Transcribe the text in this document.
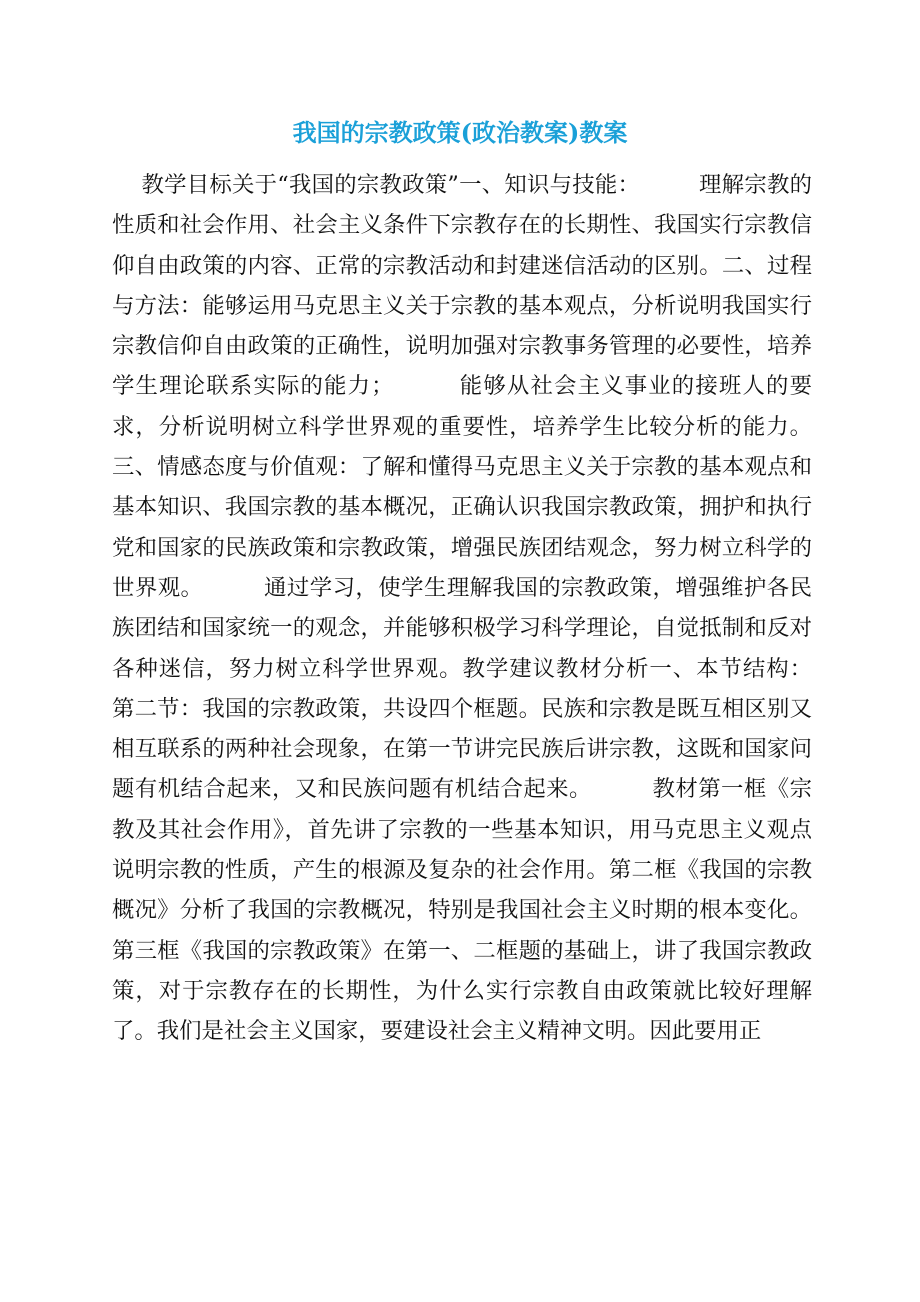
我国的宗教政策(政治教案)教案

教学目标关于“我国的宗教政策”一、知识与技能：        理解宗教的性质和社会作用、社会主义条件下宗教存在的长期性、我国实行宗教信仰自由政策的内容、正常的宗教活动和封建迷信活动的区别。二、过程与方法：能够运用马克思主义关于宗教的基本观点，分析说明我国实行宗教信仰自由政策的正确性，说明加强对宗教事务管理的必要性，培养学生理论联系实际的能力；        能够从社会主义事业的接班人的要求，分析说明树立科学世界观的重要性，培养学生比较分析的能力。三、情感态度与价值观：了解和懂得马克思主义关于宗教的基本观点和基本知识、我国宗教的基本概况，正确认识我国宗教政策，拥护和执行党和国家的民族政策和宗教政策，增强民族团结观念，努力树立科学的世界观。        通过学习，使学生理解我国的宗教政策，增强维护各民族团结和国家统一的观念，并能够积极学习科学理论，自觉抵制和反对各种迷信，努力树立科学世界观。教学建议教材分析一、本节结构：        第二节：我国的宗教政策，共设四个框题。民族和宗教是既互相区别又相互联系的两种社会现象，在第一节讲完民族后讲宗教，这既和国家问题有机结合起来，又和民族问题有机结合起来。        教材第一框《宗教及其社会作用》，首先讲了宗教的一些基本知识，用马克思主义观点说明宗教的性质，产生的根源及复杂的社会作用。第二框《我国的宗教概况》分析了我国的宗教概况，特别是我国社会主义时期的根本变化。第三框《我国的宗教政策》在第一、二框题的基础上，讲了我国宗教政策，对于宗教存在的长期性，为什么实行宗教自由政策就比较好理解了。我们是社会主义国家，要建设社会主义精神文明。因此要用正
